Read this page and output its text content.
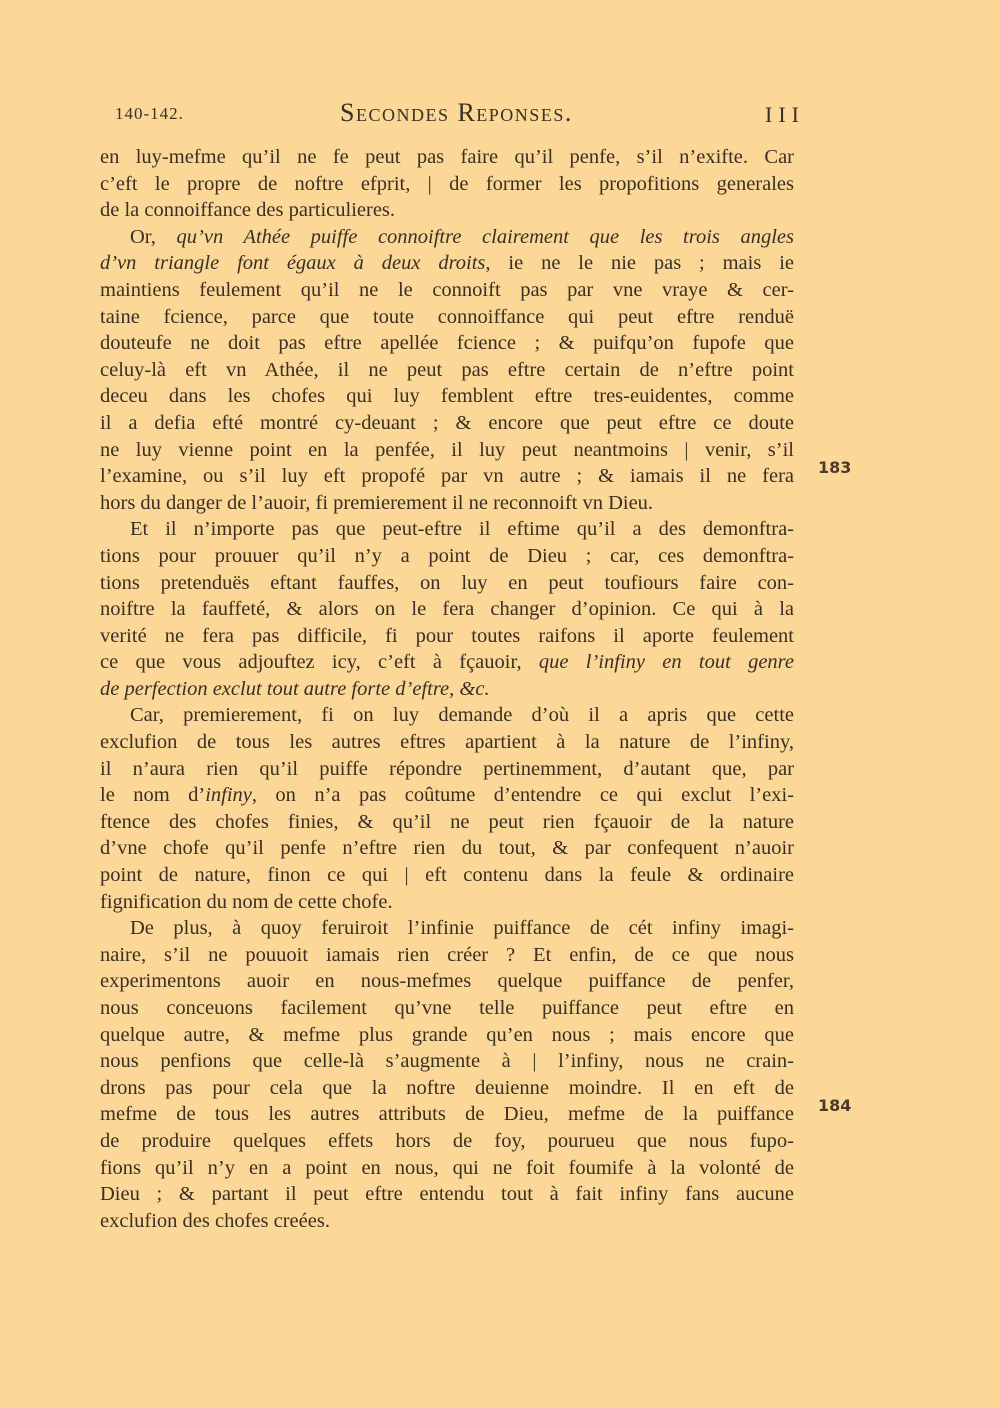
140-142.	Secondes Reponses.	III
en luy-mefme qu’il ne fe peut pas faire qu’il penfe, s’il n’exifte. Car
c’eft le propre de noftre efprit, | de former les propofitions generales
de la connoiffance des particulieres.
Or, qu’vn Athée puiffe connoiftre clairement que les trois angles
d’vn triangle font égaux à deux droits, ie ne le nie pas ; mais ie
maintiens feulement qu’il ne le connoift pas par vne vraye & cer-
taine fcience, parce que toute connoiffance qui peut eftre renduë
douteufe ne doit pas eftre apellée fcience ; & puifqu’on fupofe que
celuy-là eft vn Athée, il ne peut pas eftre certain de n’eftre point
deceu dans les chofes qui luy femblent eftre tres-euidentes, comme
il a defia efté montré cy-deuant ; & encore que peut eftre ce doute
ne luy vienne point en la penfée, il luy peut neantmoins | venir, s’il
l’examine, ou s’il luy eft propofé par vn autre ; & iamais il ne fera
hors du danger de l’auoir, fi premierement il ne reconnoift vn Dieu.
Et il n’importe pas que peut-eftre il eftime qu’il a des demonftra-
tions pour prouuer qu’il n’y a point de Dieu ; car, ces demonftra-
tions pretenduës eftant fauffes, on luy en peut toufiours faire con-
noiftre la fauffeté, & alors on le fera changer d’opinion. Ce qui à la
verité ne fera pas difficile, fi pour toutes raifons il aporte feulement
ce que vous adjouftez icy, c’eft à fçauoir, que l’infiny en tout genre
de perfection exclut tout autre forte d’eftre, &c.
Car, premierement, fi on luy demande d’où il a apris que cette
exclufion de tous les autres eftres apartient à la nature de l’infiny,
il n’aura rien qu’il puiffe répondre pertinemment, d’autant que, par
le nom d’infiny, on n’a pas coûtume d’entendre ce qui exclut l’exi-
ftence des chofes finies, & qu’il ne peut rien fçauoir de la nature
d’vne chofe qu’il penfe n’eftre rien du tout, & par confequent n’auoir
point de nature, finon ce qui | eft contenu dans la feule & ordinaire
fignification du nom de cette chofe.
De plus, à quoy feruiroit l’infinie puiffance de cét infiny imagi-
naire, s’il ne pouuoit iamais rien créer ? Et enfin, de ce que nous
experimentons auoir en nous-mefmes quelque puiffance de penfer,
nous conceuons facilement qu’vne telle puiffance peut eftre en
quelque autre, & mefme plus grande qu’en nous ; mais encore que
nous penfions que celle-là s’augmente à | l’infiny, nous ne crain-
drons pas pour cela que la noftre deuienne moindre. Il en eft de
mefme de tous les autres attributs de Dieu, mefme de la puiffance
de produire quelques effets hors de foy, pourueu que nous fupo-
fions qu’il n’y en a point en nous, qui ne foit foumife à la volonté de
Dieu ; & partant il peut eftre entendu tout à fait infiny fans aucune
exclufion des chofes creées.
183
184
